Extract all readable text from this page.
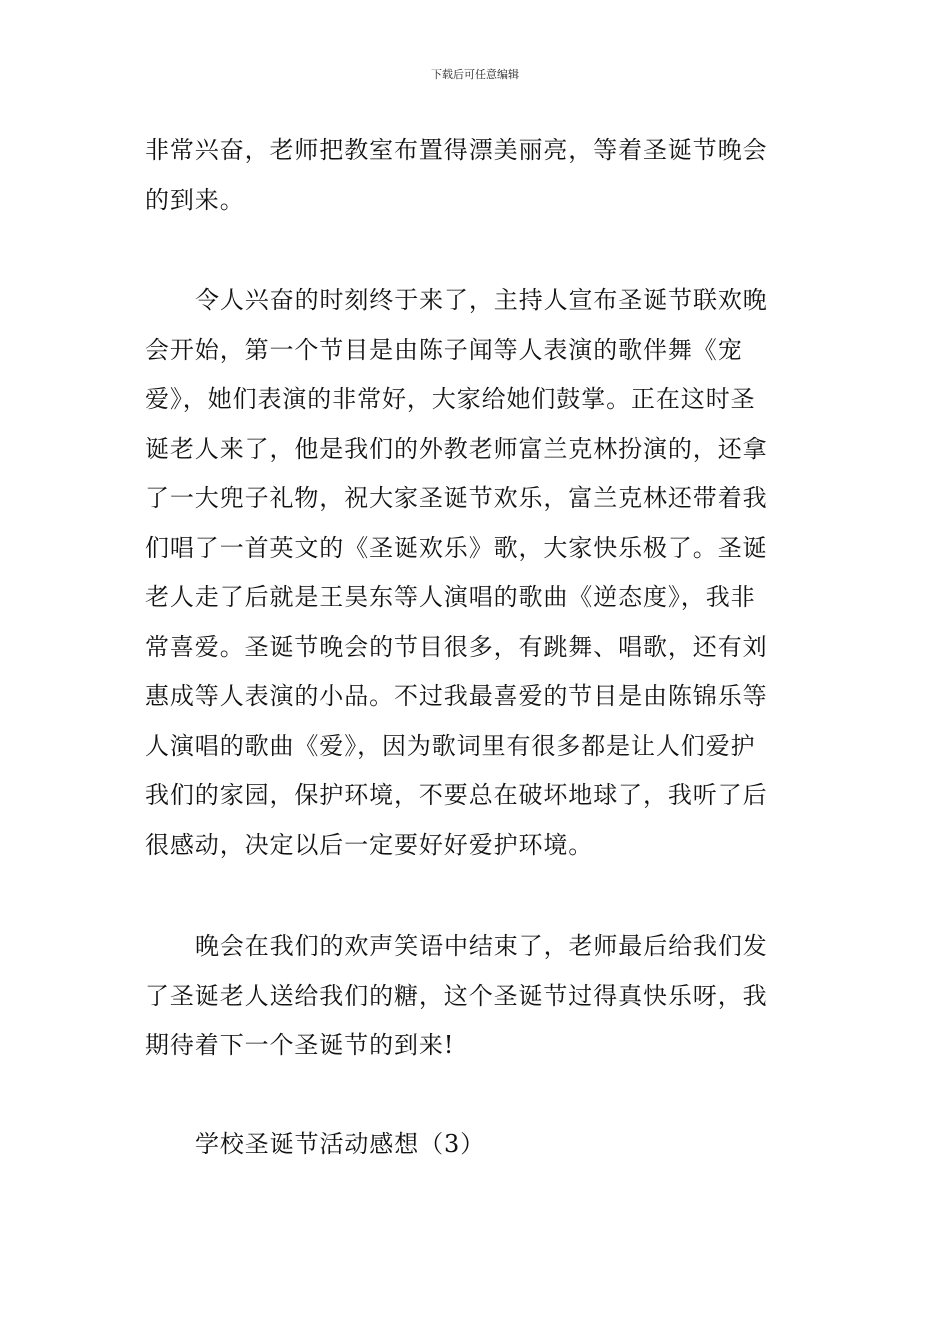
下载后可任意编辑
非常兴奋，老师把教室布置得漂美丽亮，等着圣诞节晚会
的到来。
令人兴奋的时刻终于来了，主持人宣布圣诞节联欢晚
会开始，第一个节目是由陈子闻等人表演的歌伴舞《宠
爱》，她们表演的非常好，大家给她们鼓掌。正在这时圣
诞老人来了，他是我们的外教老师富兰克林扮演的，还拿
了一大兜子礼物，祝大家圣诞节欢乐，富兰克林还带着我
们唱了一首英文的《圣诞欢乐》歌，大家快乐极了。圣诞
老人走了后就是王昊东等人演唱的歌曲《逆态度》，我非
常喜爱。圣诞节晚会的节目很多，有跳舞、唱歌，还有刘
惠成等人表演的小品。不过我最喜爱的节目是由陈锦乐等
人演唱的歌曲《爱》，因为歌词里有很多都是让人们爱护
我们的家园，保护环境，不要总在破坏地球了，我听了后
很感动，决定以后一定要好好爱护环境。
晚会在我们的欢声笑语中结束了，老师最后给我们发
了圣诞老人送给我们的糖，这个圣诞节过得真快乐呀，我
期待着下一个圣诞节的到来!
学校圣诞节活动感想（3）
